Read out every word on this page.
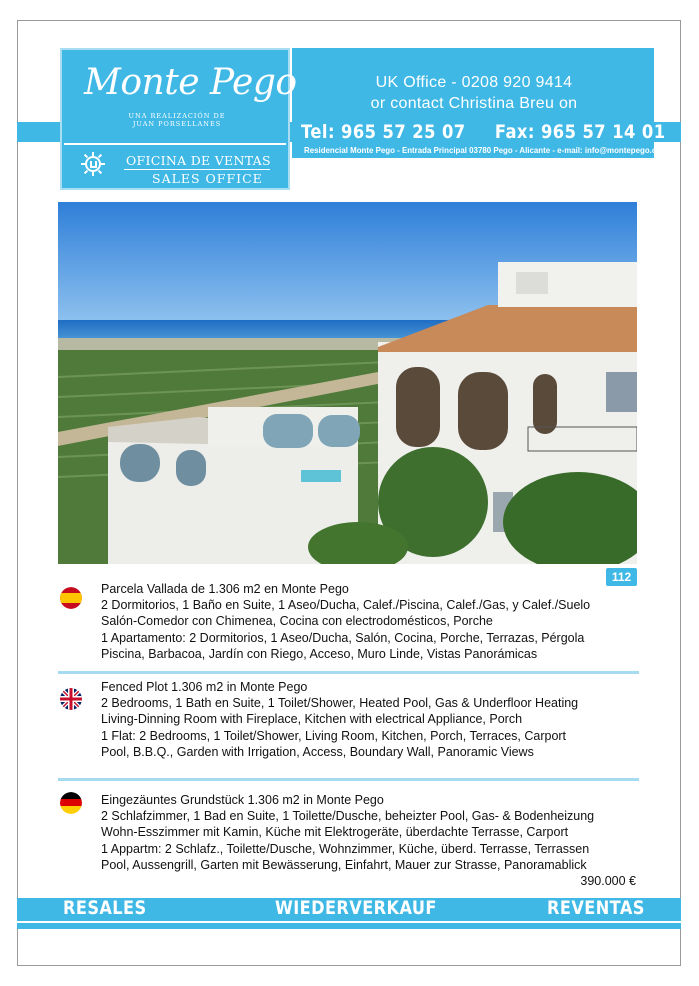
UK Office - 0208 920 9414
or contact Christina Breu on
Tel: 965 57 25 07 Fax: 965 57 14 01
Residencial Monte Pego - Entrada Principal 03780 Pego - Alicante - e-mail: info@montepego.com
Monte Pego
UNA REALIZACIÓN DE
JUAN PORSELLANES
OFICINA DE VENTAS
SALES OFFICE
112
Parcela Vallada de 1.306 m2 en Monte Pego
2 Dormitorios, 1 Baño en Suite, 1 Aseo/Ducha, Calef./Piscina, Calef./Gas, y Calef./Suelo
Salón-Comedor con Chimenea, Cocina con electrodomésticos, Porche
1 Apartamento: 2 Dormitorios, 1 Aseo/Ducha, Salón, Cocina, Porche, Terrazas, Pérgola
Piscina, Barbacoa, Jardín con Riego, Acceso, Muro Linde, Vistas Panorámicas
Fenced Plot 1.306 m2 in Monte Pego
2 Bedrooms, 1 Bath en Suite, 1 Toilet/Shower, Heated Pool, Gas & Underfloor Heating
Living-Dinning Room with Fireplace, Kitchen with electrical Appliance, Porch
1 Flat: 2 Bedrooms, 1 Toilet/Shower, Living Room, Kitchen, Porch, Terraces, Carport
Pool, B.B.Q., Garden with Irrigation, Access, Boundary Wall, Panoramic Views
Eingezäuntes Grundstück 1.306 m2 in Monte Pego
2 Schlafzimmer, 1 Bad en Suite, 1 Toilette/Dusche, beheizter Pool, Gas- & Bodenheizung
Wohn-Esszimmer mit Kamin, Küche mit Elektrogeräte, überdachte Terrasse, Carport
1 Appartm: 2 Schlafz., Toilette/Dusche, Wohnzimmer, Küche, überd. Terrasse, Terrassen
Pool, Aussengrill, Garten mit Bewässerung, Einfahrt, Mauer zur Strasse, Panoramablick
390.000 €
RESALES	WIEDERVERKAUF	REVENTAS
